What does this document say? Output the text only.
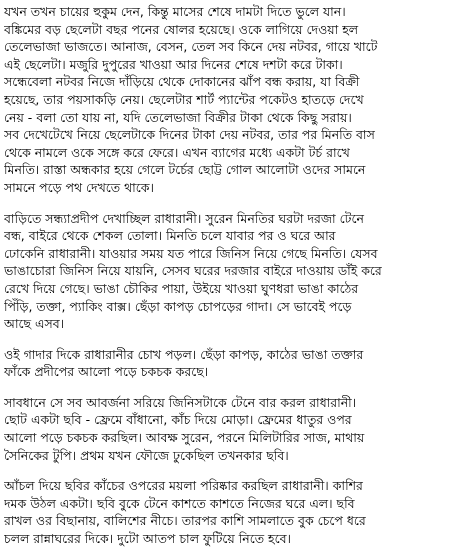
যখন তখন চায়ের হুকুম দেন, কিন্তু মাসের শেষে দামটা দিতে ভুলে যান।
বঙ্কিমের বড় ছেলেটা বছর পনের ষোলর হয়েছে। ওকে লাগিয়ে দেওয়া হল
তেলেভাজা ভাজতে। আনাজ, বেসন, তেল সব কিনে দেয় নটবর, গায়ে খাটে
এই ছেলেটা। মজুরি দুপুরের খাওয়া আর দিনের শেষে দশটা করে টাকা।
সন্ধেবেলা নটবর নিজে দাঁড়িয়ে থেকে দোকানের ঝাঁপ বন্ধ করায়, যা বিক্রী
হয়েছে, তার পয়সাকড়ি নেয়। ছেলেটার শার্ট প্যান্টের পকেটও হাতড়ে দেখে
নেয় - বলা তো যায় না, যদি তেলেভাজা বিক্রীর টাকা থেকে কিছু সরায়।
সব দেখেটেখে নিয়ে ছেলেটাকে দিনের টাকা দেয় নটবর, তার পর মিনতি বাস
থেকে নামলে ওকে সঙ্গে করে ফেরে। এখন ব্যাগের মধ্যে একটা টর্চ রাখে
মিনতি। রাস্তা অন্ধকার হয়ে গেলে টর্চের ছোট্ট গোল আলোটা ওদের সামনে
সামনে পড়ে পথ দেখতে থাকে।
বাড়িতে সন্ধ্যাপ্রদীপ দেখাচ্ছিল রাধারানী। সুরেন মিনতির ঘরটা দরজা টেনে
বন্ধ, বাইরে থেকে শেকল তোলা। মিনতি চলে যাবার পর ও ঘরে আর
ঢোকেনি রাধারানী। যাওয়ার সময় যত পারে জিনিস নিয়ে গেছে মিনতি। যেসব
ভাঙাচোরা জিনিস নিয়ে যায়নি, সেসব ঘরের দরজার বাইরে দাওয়ায় ডাঁই করে
রেখে দিয়ে গেছে। ভাঙা চৌকির পায়া, উইয়ে খাওয়া ঘুণধরা ভাঙা কাঠের
পিঁড়ি, তক্তা, প্যাকিং বাক্স। ছেঁড়া কাপড় চোপড়ের গাদা। সে ভাবেই পড়ে
আছে এসব।
ওই গাদার দিকে রাধারানীর চোখ পড়ল। ছেঁড়া কাপড়, কাঠের ভাঙা তক্তার
ফাঁকে প্রদীপের আলো পড়ে চকচক করছে।
সাবধানে সে সব আবর্জনা সরিয়ে জিনিসটাকে টেনে বার করল রাধারানী।
ছোট একটা ছবি - ফ্রেমে বাঁধানো, কাঁচ দিয়ে মোড়া। ফ্রেমের ধাতুর ওপর
আলো পড়ে চকচক করছিল। আবক্ষ সুরেন, পরনে মিলিটারির সাজ, মাথায়
সৈনিকের টুপি। প্রথম যখন ফৌজে ঢুকেছিল তখনকার ছবি।
আঁচল দিয়ে ছবির কাঁচের ওপরের ময়লা পরিষ্কার করছিল রাধারানী। কাশির
দমক উঠল একটা। ছবি বুকে টেনে কাশতে কাশতে নিজের ঘরে এল। ছবি
রাখল ওর বিছানায়, বালিশের নীচে। তারপর কাশি সামলাতে বুক চেপে ধরে
চলল রান্নাঘরের দিকে। দুটো আতপ চাল ফুটিয়ে নিতে হবে।
